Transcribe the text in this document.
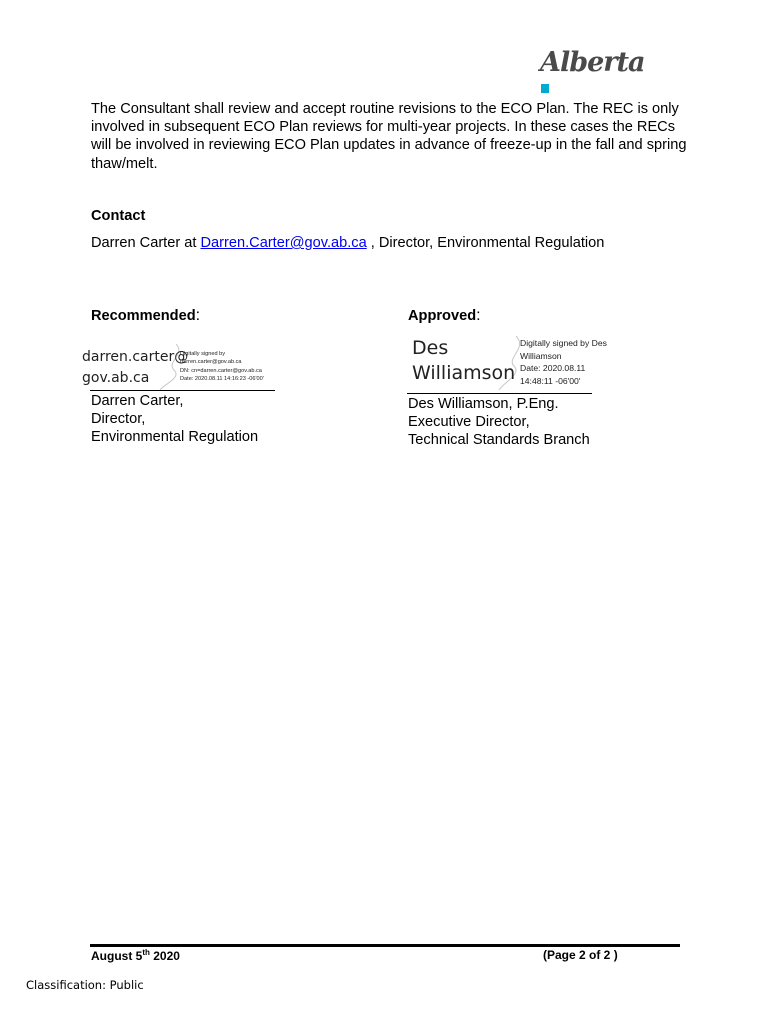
Alberta
The Consultant shall review and accept routine revisions to the ECO Plan. The REC is only involved in subsequent ECO Plan reviews for multi-year projects. In these cases the RECs will be involved in reviewing ECO Plan updates in advance of freeze-up in the fall and spring thaw/melt.
Contact
Darren Carter at Darren.Carter@gov.ab.ca , Director, Environmental Regulation
Recommended:
darren.carter@
gov.ab.ca
Digitally signed by
darren.carter@gov.ab.ca
DN: cn=darren.carter@gov.ab.ca
Date: 2020.08.11 14:16:23 -06'00'
Darren Carter,
Director,
Environmental Regulation
Approved:
Des
Williamson
Digitally signed by Des
Williamson
Date: 2020.08.11
14:48:11 -06'00'
Des Williamson, P.Eng.
Executive Director,
Technical Standards Branch
August 5th 2020	(Page 2 of 2 )
Classification: Public
